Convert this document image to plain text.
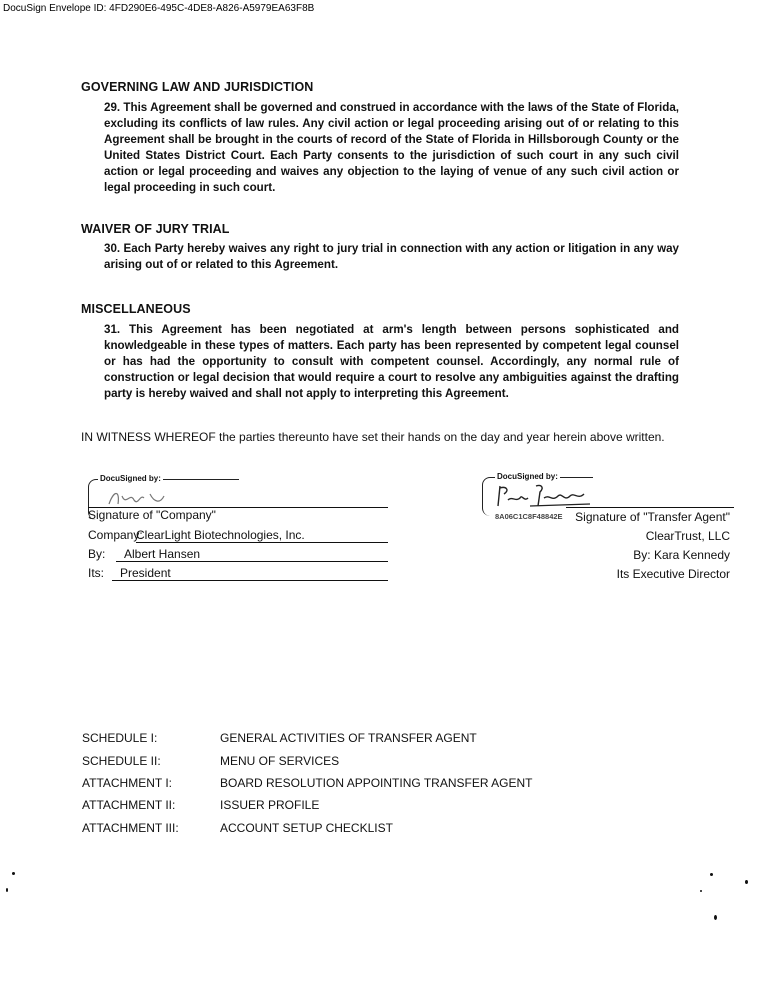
DocuSign Envelope ID: 4FD290E6-495C-4DE8-A826-A5979EA63F8B
GOVERNING LAW AND JURISDICTION
29. This Agreement shall be governed and construed in accordance with the laws of the State of Florida, excluding its conflicts of law rules. Any civil action or legal proceeding arising out of or relating to this Agreement shall be brought in the courts of record of the State of Florida in Hillsborough County or the United States District Court. Each Party consents to the jurisdiction of such court in any such civil action or legal proceeding and waives any objection to the laying of venue of any such civil action or legal proceeding in such court.
WAIVER OF JURY TRIAL
30. Each Party hereby waives any right to jury trial in connection with any action or litigation in any way arising out of or related to this Agreement.
MISCELLANEOUS
31. This Agreement has been negotiated at arm's length between persons sophisticated and knowledgeable in these types of matters. Each party has been represented by competent legal counsel or has had the opportunity to consult with competent counsel. Accordingly, any normal rule of construction or legal decision that would require a court to resolve any ambiguities against the drafting party is hereby waived and shall not apply to interpreting this Agreement.
IN WITNESS WHEREOF the parties thereunto have set their hands on the day and year herein above written.
DocuSigned by:
Signature of "Company"
Company:
ClearLight Biotechnologies, Inc.
By:	Albert Hansen
Its:	President
DocuSigned by:
8A06C1C8F48842E Signature of "Transfer Agent"
ClearTrust, LLC
By: Kara Kennedy
Its Executive Director
SCHEDULE I:	GENERAL ACTIVITIES OF TRANSFER AGENT
SCHEDULE II:	MENU OF SERVICES
ATTACHMENT I:	BOARD RESOLUTION APPOINTING TRANSFER AGENT
ATTACHMENT II:	ISSUER PROFILE
ATTACHMENT III:	ACCOUNT SETUP CHECKLIST
